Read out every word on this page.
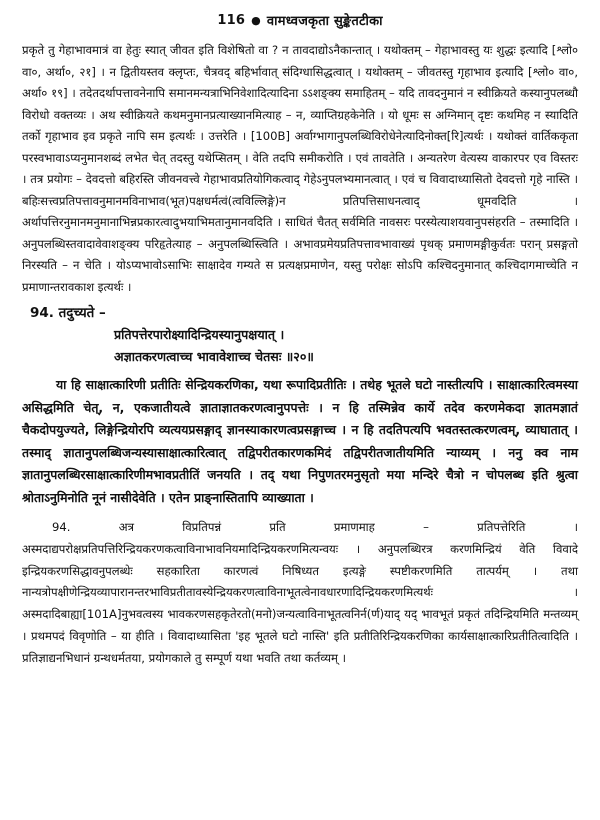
116 ● वामध्वजकृता सुङ्केतटीका

प्रकृते तु गेहाभावमात्रं वा हेतुः स्यात् जीवत इति विशेषितो वा ? न तावदाद्योऽनैकान्तात् । यथोक्तम् – गेहाभावस्तु यः शुद्धः इत्यादि [श्लो० वा०, अर्था०, २१] । न द्वितीयस्तव क्लृप्तः, चैत्रवद् बहिर्भावात् संदिग्धासिद्धत्वात् । यथोक्तम् – जीवतस्तु गृहाभाव इत्यादि [श्लो० वा०, अर्था० १९] । तदेतदर्थापत्तावनेनापि समानमन्यत्राभिनिवेशादित्यादिना ऽऽशङ्क्य समाहितम् – यदि तावदनुमानं न स्वीक्रियते कस्यानुपलब्धौ विरोधो वक्तव्यः । अथ स्वीक्रियते कथमनुमानप्रत्याख्यानमित्याह – न, व्याप्तिग्रहकेनेति । यो धूमः स अग्निमान् दृष्टः कथमिह न स्यादिति तर्को गृहाभाव इव प्रकृते नापि सम इत्यर्थः । उत्तरेति । [100B] अर्वाग्भागानुपलब्धिविरोधेनेत्यादिनोक्त[रि]त्यर्थः । यथोक्तं वार्तिककृता परस्वभावाऽप्यनुमानशब्दं लभेत चेत् तदस्तु यथेप्सितम् । वेति तदपि समीकरोति । एवं तावतेति । अन्यतरेण वेत्यस्य वाकारपर एव विस्तरः । तत्र प्रयोगः – देवदत्तो बहिरस्ति जीवनवत्त्वे गेहाभावप्रतियोगिकत्वाद् गेहेऽनुपलभ्यमानत्वात् । एवं च विवादाध्यासितो देवदत्तो गृहे नास्ति । बहिःसत्त्वप्रतिपत्तावनुमानमविनाभाव(भूत)पक्षधर्मत्वं(त्वविल्लिङ्गे)न प्रतिपत्तिसाधनत्वाद् धूमवदिति । अर्थापत्तिरनुमानमनुमानाभिन्नप्रकारत्वादुभयाभिमतानुमानवदिति । साधितं चैतत् सर्वमिति नावसरः परस्येत्याशयवानुपसंहरति – तस्मादिति । अनुपलब्धिस्तवादावेवाशङ्क्य परिहृतेत्याह – अनुपलब्धिस्त्विति । अभावप्रमेयप्रतिपत्तावभावाख्यं पृथक् प्रमाणमङ्गीकुर्वतः परान् प्रसङ्गतो निरस्यति – न चेति । योऽप्यभावोऽसाभिः साक्षादेव गम्यते स प्रत्यक्षप्रमाणेन, यस्तु परोक्षः सोऽपि कश्चिदनुमानात् कश्चिदागमाच्चेति न प्रमाणान्तरावकाश इत्यर्थः ।

94. तदुच्यते –
प्रतिपत्तेरपारोक्ष्यादिन्द्रियस्यानुपक्षयात् ।
अज्ञातकरणत्वाच्च भावावेशाच्च चेतसः ॥२०॥
या हि साक्षात्कारिणी प्रतीतिः सेन्द्रियकरणिका, यथा रूपादिप्रतीतिः । तथेह भूतले घटो नास्तीत्यपि । साक्षात्कारित्वमस्या असिद्धमिति चेत्, न, एकजातीयत्वे ज्ञाताज्ञातकरणत्वानुपपत्तेः । न हि तस्मिन्नेव कार्ये तदेव करणमेकदा ज्ञातमज्ञातं चैकदोपयुज्यते, लिङ्गेन्द्रियोरपि व्यत्ययप्रसङ्गाद् ज्ञानस्याकारणत्वप्रसङ्गाच्च । न हि तदतिपत्यपि भवतस्तत्करणत्वम्, व्याघातात् । तस्माद् ज्ञातानुपलब्धिजन्यस्यासाक्षात्कारित्वात् तद्विपरीतकारणकमिदं तद्विपरीतजातीयमिति न्याय्यम् । ननु क्व नाम ज्ञातानुपलब्धिरसाक्षात्कारिणीमभावप्रतीतिं जनयति । तद् यथा निपुणतरमनुसृतो मया मन्दिरे चैत्रो न चोपलब्ध इति श्रुत्वा श्रोताऽनुमिनोति नूनं नासीदेवेति । एतेन प्राङ्नास्तितापि व्याख्याता ।
94. अत्र विप्रतिपन्नं प्रति प्रमाणमाह – प्रतिपत्तेरिति । अस्मदाद्यपरोक्षप्रतिपत्तिरिन्द्रियकरणकत्वाविनाभावनियमादिन्द्रियकरणमित्यन्वयः । अनुपलब्धिरत्र करणमिन्द्रियं वेति विवादे इन्द्रियकरणसिद्धावनुपलब्धेः सहकारिता कारणत्वं निषिध्यत इत्यङ्गे स्पष्टीकरणमिति तात्पर्यम् । तथा नान्यत्रोपक्षीणेन्द्रियव्यापारानन्तरभाविप्रतीतावस्येन्द्रियकरणत्वाविनाभूतत्वेनावधारणादिन्द्रियकरणमित्यर्थः । अस्मदादिबाह्या[101A]नुभवत्वस्य भावकरणसहकृतेरतो(मनो)जन्यत्वाविनाभूतत्वनिर्न(र्ण)याद् यद् भावभूतं प्रकृतं तदिन्द्रियमिति मन्तव्यम् । प्रथमपदं विवृणोति – या हीति । विवादाध्यासिता 'इह भूतले घटो नास्ति' इति प्रतीतिरिन्द्रियकरणिका कार्यसाक्षात्कारिप्रतीतित्वादिति । प्रतिज्ञाद्यनभिधानं ग्रन्थधर्मतया, प्रयोगकाले तु सम्पूर्ण यथा भवति तथा कर्तव्यम् ।
